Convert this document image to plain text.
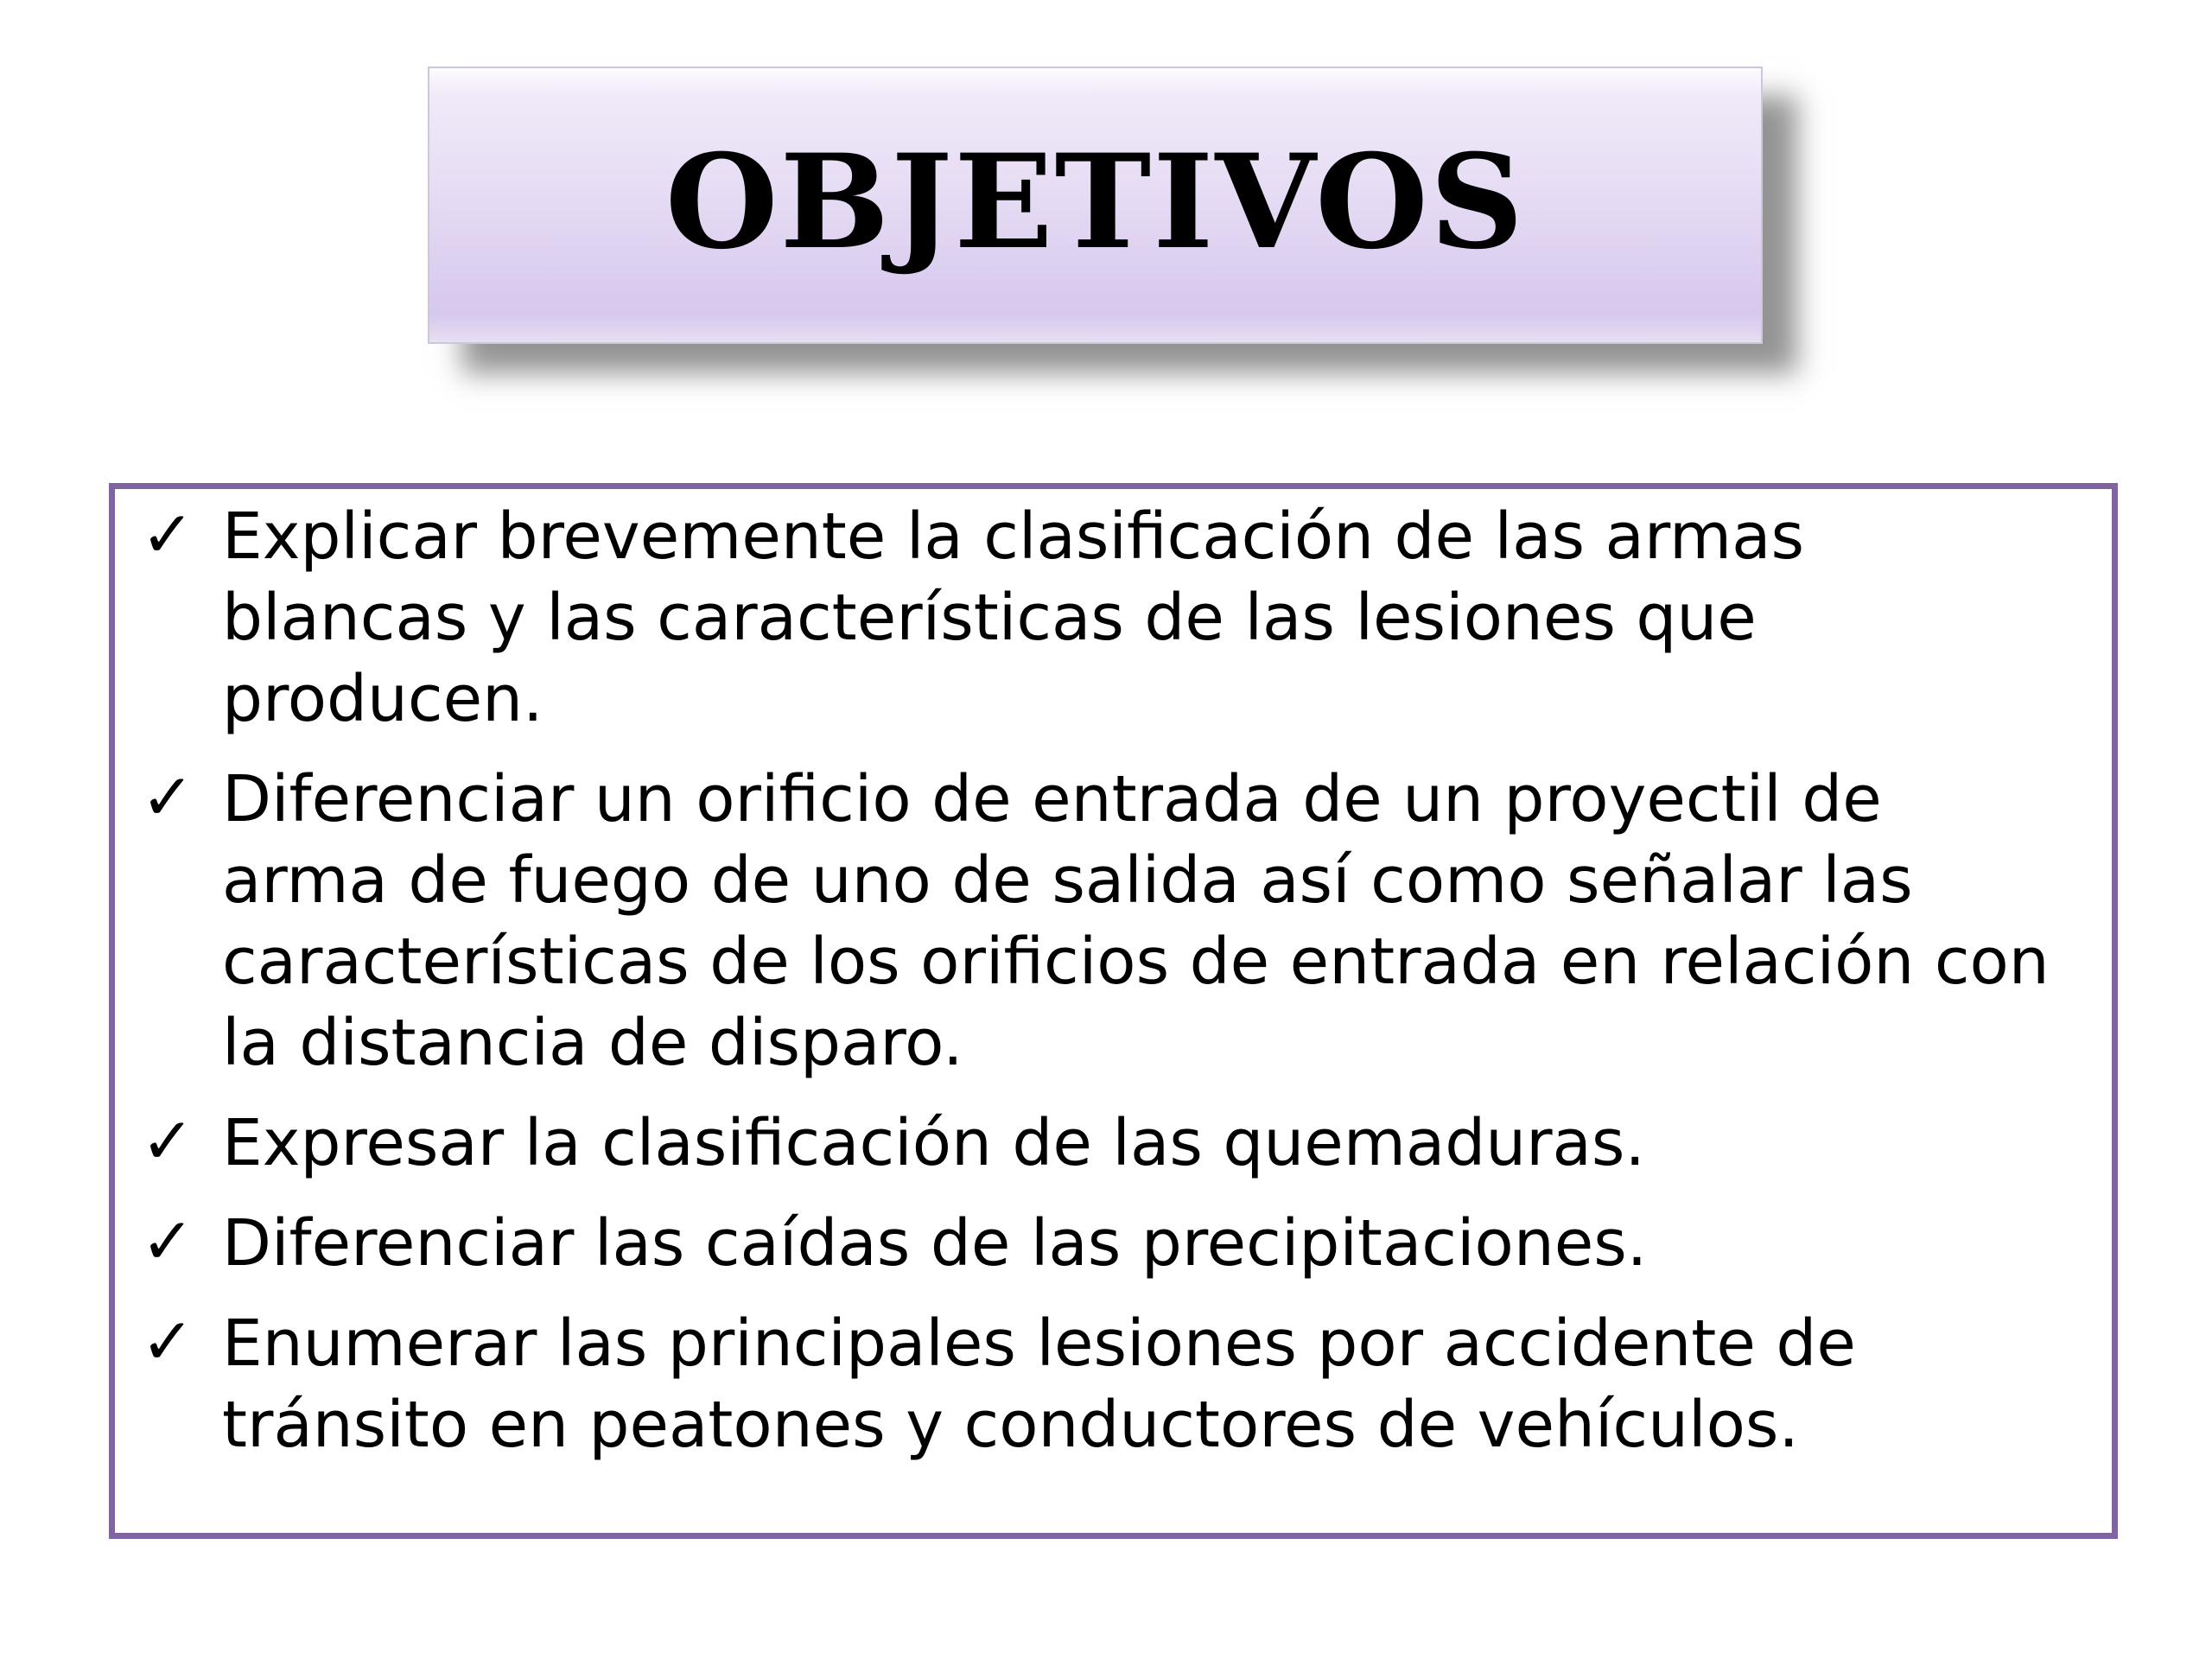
OBJETIVOS
✓ Explicar brevemente la clasificación de las armas blancas y las características de las lesiones que producen.
✓ Diferenciar un orificio de entrada de un proyectil de arma de fuego de uno de salida así como señalar las características de los orificios de entrada en relación con la distancia de disparo.
✓ Expresar la clasificación de las quemaduras.
✓ Diferenciar las caídas de las precipitaciones.
✓ Enumerar las principales lesiones por accidente de tránsito en peatones y conductores de vehículos.
